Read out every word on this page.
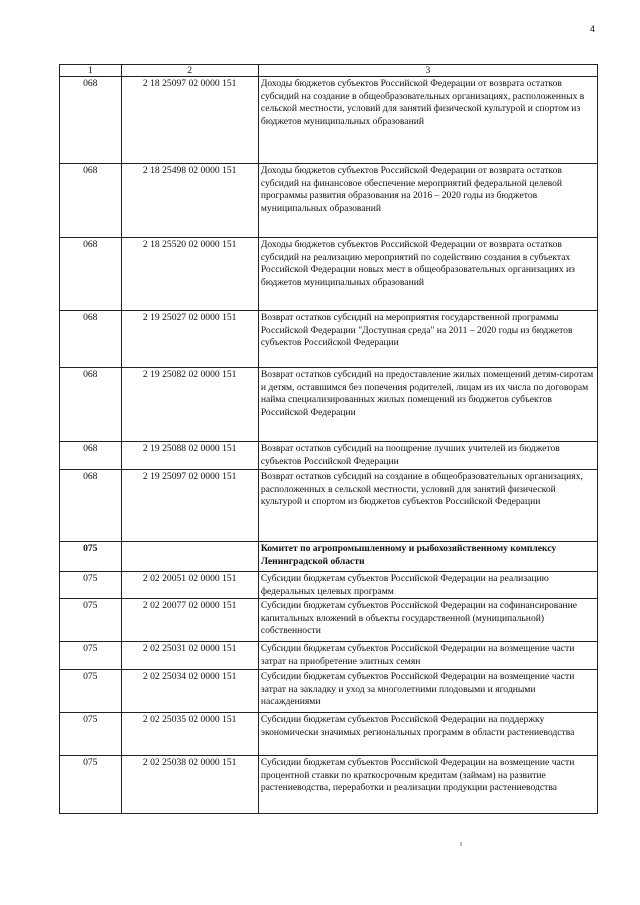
4
1	2	3
068	2 18 25097 02 0000 151	Доходы бюджетов субъектов Российской Федерации от возврата остатков субсидий на создание в общеобразовательных организациях, расположенных в сельской местности, условий для занятий физической культурой и спортом из бюджетов муниципальных образований
068	2 18 25498 02 0000 151	Доходы бюджетов субъектов Российской Федерации от возврата остатков субсидий на финансовое обеспечение мероприятий федеральной целевой программы развития образования на 2016 – 2020 годы из бюджетов муниципальных образований
068	2 18 25520 02 0000 151	Доходы бюджетов субъектов Российской Федерации от возврата остатков субсидий на реализацию мероприятий по содействию создания в субъектах Российской Федерации новых мест в общеобразовательных организациях из бюджетов муниципальных образований
068	2 19 25027 02 0000 151	Возврат остатков субсидий на мероприятия государственной программы Российской Федерации "Доступная среда" на 2011 – 2020 годы из бюджетов субъектов Российской Федерации
068	2 19 25082 02 0000 151	Возврат остатков субсидий на предоставление жилых помещений детям-сиротам и детям, оставшимся без попечения родителей, лицам из их числа по договорам найма специализированных жилых помещений из бюджетов субъектов Российской Федерации
068	2 19 25088 02 0000 151	Возврат остатков субсидий на поощрение лучших учителей из бюджетов субъектов Российской Федерации
068	2 19 25097 02 0000 151	Возврат остатков субсидий на создание в общеобразовательных организациях, расположенных в сельской местности, условий для занятий физической культурой и спортом из бюджетов субъектов Российской Федерации
075		Комитет по агропромышленному и рыбохозяйственному комплексу Ленинградской области
075	2 02 20051 02 0000 151	Субсидии бюджетам субъектов Российской Федерации на реализацию федеральных целевых программ
075	2 02 20077 02 0000 151	Субсидии бюджетам субъектов Российской Федерации на софинансирование капитальных вложений в объекты государственной (муниципальной) собственности
075	2 02 25031 02 0000 151	Субсидии бюджетам субъектов Российской Федерации на возмещение части затрат на приобретение элитных семян
075	2 02 25034 02 0000 151	Субсидии бюджетам субъектов Российской Федерации на возмещение части затрат на закладку и уход за многолетними плодовыми и ягодными насаждениями
075	2 02 25035 02 0000 151	Субсидии бюджетам субъектов Российской Федерации на поддержку экономически значимых региональных программ в области растениеводства
075	2 02 25038 02 0000 151	Субсидии бюджетам субъектов Российской Федерации на возмещение части процентной ставки по краткосрочным кредитам (займам) на развитие растениеводства, переработки и реализации продукции растениеводства
